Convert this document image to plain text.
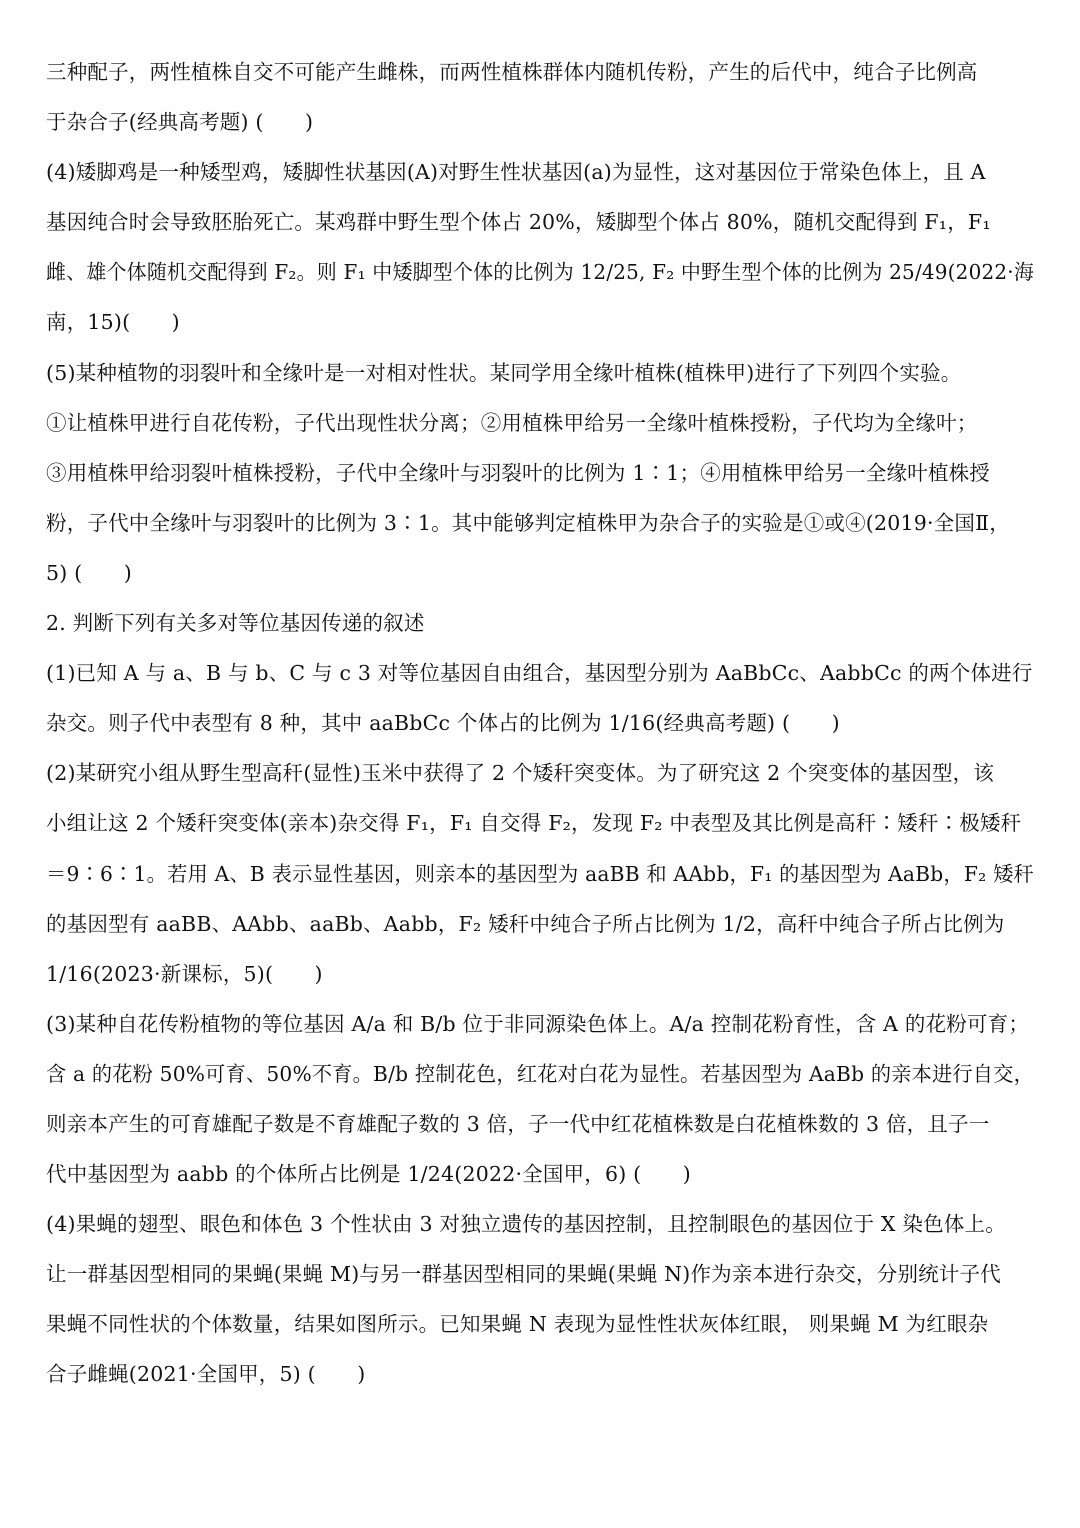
三种配子，两性植株自交不可能产生雌株，而两性植株群体内随机传粉，产生的后代中，纯合子比例高
于杂合子(经典高考题) (　　)
(4)矮脚鸡是一种矮型鸡，矮脚性状基因(A)对野生性状基因(a)为显性，这对基因位于常染色体上，且 A
基因纯合时会导致胚胎死亡。某鸡群中野生型个体占 20%，矮脚型个体占 80%，随机交配得到 F₁，F₁
雌、雄个体随机交配得到 F₂。则 F₁ 中矮脚型个体的比例为 12/25, F₂ 中野生型个体的比例为 25/49(2022·海
南，15)(　　)
(5)某种植物的羽裂叶和全缘叶是一对相对性状。某同学用全缘叶植株(植株甲)进行了下列四个实验。
①让植株甲进行自花传粉，子代出现性状分离；②用植株甲给另一全缘叶植株授粉，子代均为全缘叶；
③用植株甲给羽裂叶植株授粉，子代中全缘叶与羽裂叶的比例为 1∶1；④用植株甲给另一全缘叶植株授
粉，子代中全缘叶与羽裂叶的比例为 3∶1。其中能够判定植株甲为杂合子的实验是①或④(2019·全国Ⅱ，
5) (　　)
2. 判断下列有关多对等位基因传递的叙述
(1)已知 A 与 a、B 与 b、C 与 c 3 对等位基因自由组合，基因型分别为 AaBbCc、AabbCc 的两个体进行
杂交。则子代中表型有 8 种，其中 aaBbCc 个体占的比例为 1/16(经典高考题) (　　)
(2)某研究小组从野生型高秆(显性)玉米中获得了 2 个矮秆突变体。为了研究这 2 个突变体的基因型，该
小组让这 2 个矮秆突变体(亲本)杂交得 F₁，F₁ 自交得 F₂，发现 F₂ 中表型及其比例是高秆∶矮秆∶极矮秆
＝9∶6∶1。若用 A、B 表示显性基因，则亲本的基因型为 aaBB 和 AAbb，F₁ 的基因型为 AaBb，F₂ 矮秆
的基因型有 aaBB、AAbb、aaBb、Aabb，F₂ 矮秆中纯合子所占比例为 1/2，高秆中纯合子所占比例为
1/16(2023·新课标，5)(　　)
(3)某种自花传粉植物的等位基因 A/a 和 B/b 位于非同源染色体上。A/a 控制花粉育性，含 A 的花粉可育；
含 a 的花粉 50%可育、50%不育。B/b 控制花色，红花对白花为显性。若基因型为 AaBb 的亲本进行自交，
则亲本产生的可育雄配子数是不育雄配子数的 3 倍，子一代中红花植株数是白花植株数的 3 倍，且子一
代中基因型为 aabb 的个体所占比例是 1/24(2022·全国甲，6) (　　)
(4)果蝇的翅型、眼色和体色 3 个性状由 3 对独立遗传的基因控制，且控制眼色的基因位于 X 染色体上。
让一群基因型相同的果蝇(果蝇 M)与另一群基因型相同的果蝇(果蝇 N)作为亲本进行杂交，分别统计子代
果蝇不同性状的个体数量，结果如图所示。已知果蝇 N 表现为显性性状灰体红眼， 则果蝇 M 为红眼杂
合子雌蝇(2021·全国甲，5) (　　)
